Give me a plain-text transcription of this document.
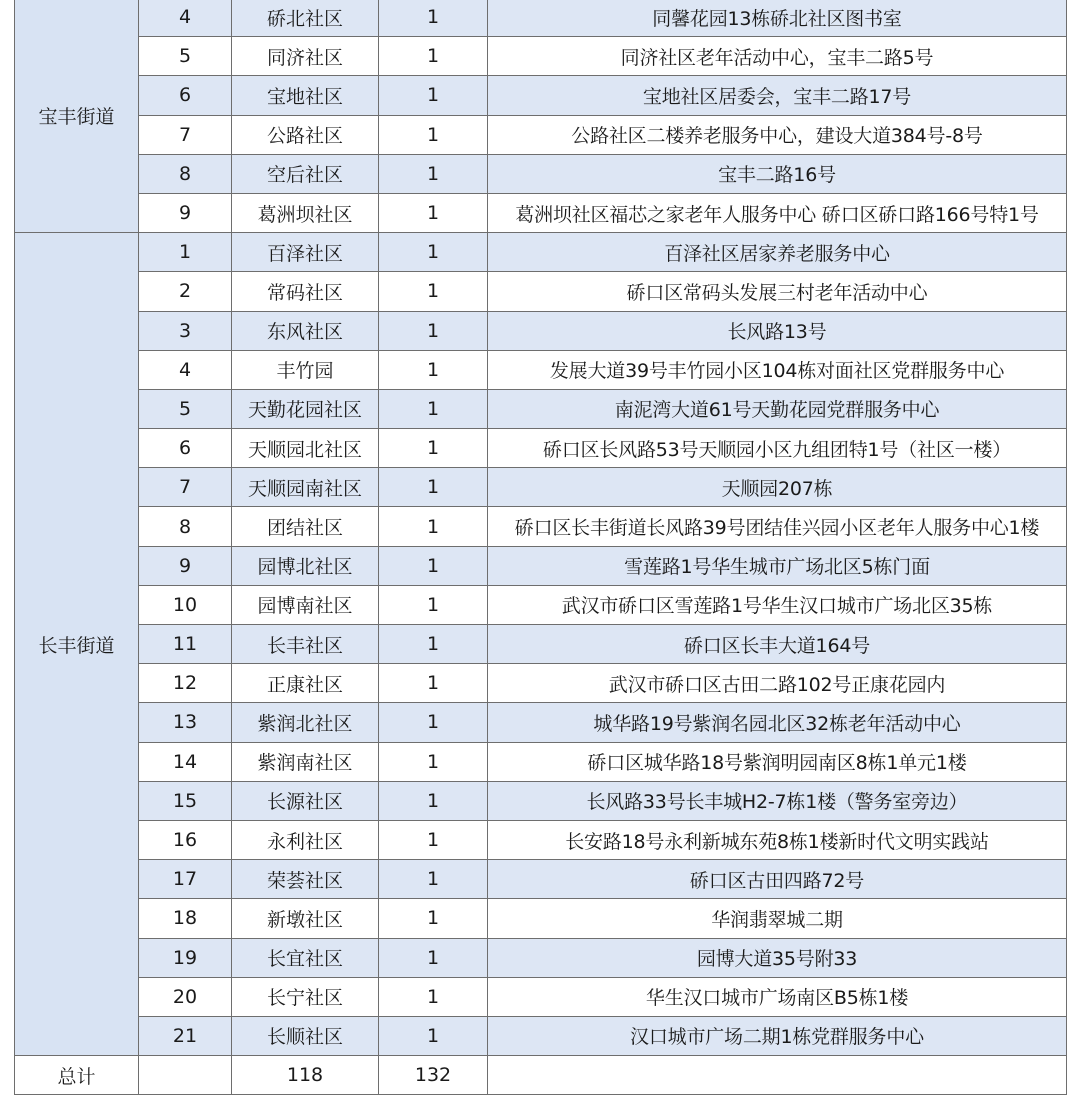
宝丰街道	4	硚北社区	1	同馨花园13栋硚北社区图书室
	5	同济社区	1	同济社区老年活动中心，宝丰二路5号
	6	宝地社区	1	宝地社区居委会，宝丰二路17号
	7	公路社区	1	公路社区二楼养老服务中心，建设大道384号-8号
	8	空后社区	1	宝丰二路16号
	9	葛洲坝社区	1	葛洲坝社区福芯之家老年人服务中心 硚口区硚口路166号特1号
长丰街道	1	百泽社区	1	百泽社区居家养老服务中心
	2	常码社区	1	硚口区常码头发展三村老年活动中心
	3	东风社区	1	长风路13号
	4	丰竹园	1	发展大道39号丰竹园小区104栋对面社区党群服务中心
	5	天勤花园社区	1	南泥湾大道61号天勤花园党群服务中心
	6	天顺园北社区	1	硚口区长风路53号天顺园小区九组团特1号（社区一楼）
	7	天顺园南社区	1	天顺园207栋
	8	团结社区	1	硚口区长丰街道长风路39号团结佳兴园小区老年人服务中心1楼
	9	园博北社区	1	雪莲路1号华生城市广场北区5栋门面
	10	园博南社区	1	武汉市硚口区雪莲路1号华生汉口城市广场北区35栋
	11	长丰社区	1	硚口区长丰大道164号
	12	正康社区	1	武汉市硚口区古田二路102号正康花园内
	13	紫润北社区	1	城华路19号紫润名园北区32栋老年活动中心
	14	紫润南社区	1	硚口区城华路18号紫润明园南区8栋1单元1楼
	15	长源社区	1	长风路33号长丰城H2-7栋1楼（警务室旁边）
	16	永利社区	1	长安路18号永利新城东苑8栋1楼新时代文明实践站
	17	荣荟社区	1	硚口区古田四路72号
	18	新墩社区	1	华润翡翠城二期
	19	长宜社区	1	园博大道35号附33
	20	长宁社区	1	华生汉口城市广场南区B5栋1楼
	21	长顺社区	1	汉口城市广场二期1栋党群服务中心
总计		118	132	
